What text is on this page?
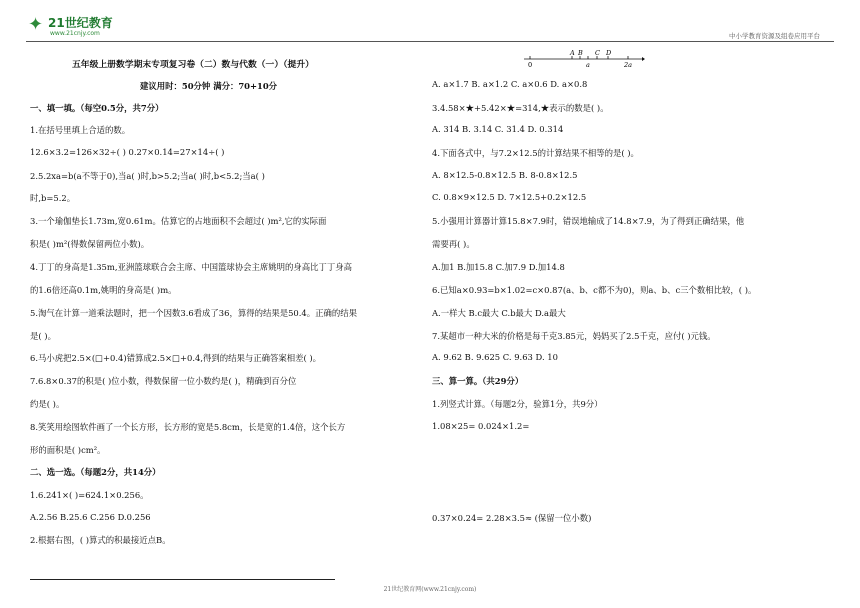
✦ 21世纪教育
www.21cnjy.com	中小学教育资源及组卷应用平台
五年级上册数学期末专项复习卷（二）数与代数（一）（提升）
建议用时：50分钟 满分：70+10分
一、填一填。（每空0.5分，共7分）
1.在括号里填上合适的数。
12.6×3.2=126×32÷( ) 0.27×0.14=27×14÷( )
2.5.2xa=b(a不等于0),当a( )时,b>5.2;当a( )时,b<5.2;当a( )
时,b=5.2。
3.一个瑜伽垫长1.73m,宽0.61m。估算它的占地面积不会超过( )m²,它的实际面
积是( )m²(得数保留两位小数)。
4.丁丁的身高是1.35m,亚洲篮球联合会主席、中国篮球协会主席姚明的身高比丁丁身高
的1.6倍还高0.1m,姚明的身高是( )m。
5.淘气在计算一道乘法题时，把一个因数3.6看成了36，算得的结果是50.4。正确的结果
是( )。
6.马小虎把2.5×(□+0.4)错算成2.5×□+0.4,得到的结果与正确答案相差( )。
7.6.8×0.37的积是( )位小数，得数保留一位小数约是( )，精确到百分位
约是( )。
8.笑笑用绘图软件画了一个长方形，长方形的宽是5.8cm，长是宽的1.4倍，这个长方
形的面积是( )cm²。
二、选一选。（每题2分，共14分）
1.6.241×( )=624.1×0.256。
A.2.56 B.25.6 C.256 D.0.256
2.根据右图，( )算式的积最接近点B。
A B C D
0	a	2a
A. a×1.7 B. a×1.2 C. a×0.6 D. a×0.8
3.4.58×★+5.42×★=314,★表示的数是( )。
A. 314 B. 3.14 C. 31.4 D. 0.314
4.下面各式中，与7.2×12.5的计算结果不相等的是( )。
A. 8×12.5-0.8×12.5 B. 8-0.8×12.5
C. 0.8×9×12.5 D. 7×12.5+0.2×12.5
5.小强用计算器计算15.8×7.9时，错误地输成了14.8×7.9，为了得到正确结果，他
需要再( )。
A.加1 B.加15.8 C.加7.9 D.加14.8
6.已知a×0.93=b×1.02=c×0.87(a、b、c都不为0)，则a、b、c三个数相比较，( )。
A.一样大 B.c最大 C.b最大 D.a最大
7.某超市一种大米的价格是每千克3.85元，妈妈买了2.5千克，应付( )元钱。
A. 9.62 B. 9.625 C. 9.63 D. 10
三、算一算。（共29分）
1.列竖式计算。（每题2分，验算1分，共9分）
1.08×25= 0.024×1.2=
0.37×0.24= 2.28×3.5≈ (保留一位小数)
21世纪教育网(www.21cnjy.com)
